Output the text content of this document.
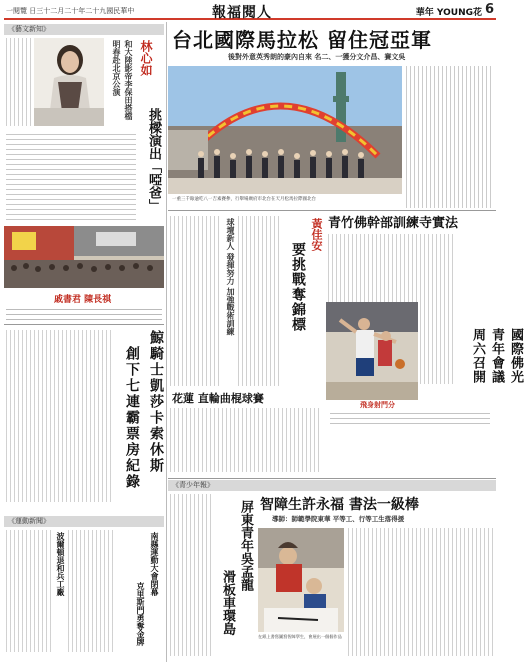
一閱覽 日三十二月二十年二十九國民華中	報福閱人	華年 YOUNG花 6
《藝文新知》
林心如
和大陸影帝李保田搭檔
明春赴北京公演
挑樑演出「啞爸」
戚書君 陳長祺
鯨騎士凱莎卡索休斯
創下七連霸票房紀錄
《運動新聞》
波爾頓退和兵工廠	南縣運動大會閉幕
克里斯門勇奪金牌
台北國際馬拉松 留住冠亞軍
後對外意英秀朗的豪內自來 名二、一獲分文介昌、賽文吳
一重三千餘逾吃八一吉素賽參，行舉場廣府市北台在天月松馬拉際國北台
球壇新人 發揮努力 加強戰術訓練	要挑戰奪錦標
黃佳安 青竹佛幹部訓練寺實法
國際佛光青年會議 周六召開
飛身射門分
花蓮 直輪曲棍球賽
《青少年報》
智障生許永福 書法一級棒
導師：師範學院東華 平等工、行等工生落得援
屏東青年吳孟龍
滑板車環島
在紙上書寫圖寫智障學生，會展出一個個作品
